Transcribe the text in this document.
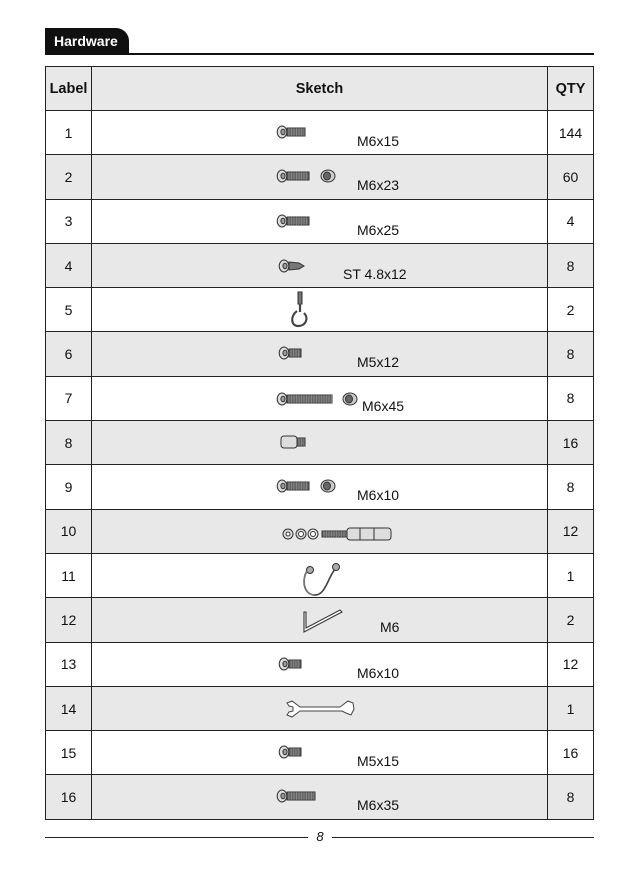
Hardware
Label	Sketch	QTY
1	M6x15	144
2	M6x23	60
3	M6x25	4
4	ST 4.8x12	8
5		2
6	M5x12	8
7	M6x45	8
8		16
9	M6x10	8
10		12
11		1
12	M6	2
13	M6x10	12
14		1
15	M5x15	16
16	M6x35	8
8
